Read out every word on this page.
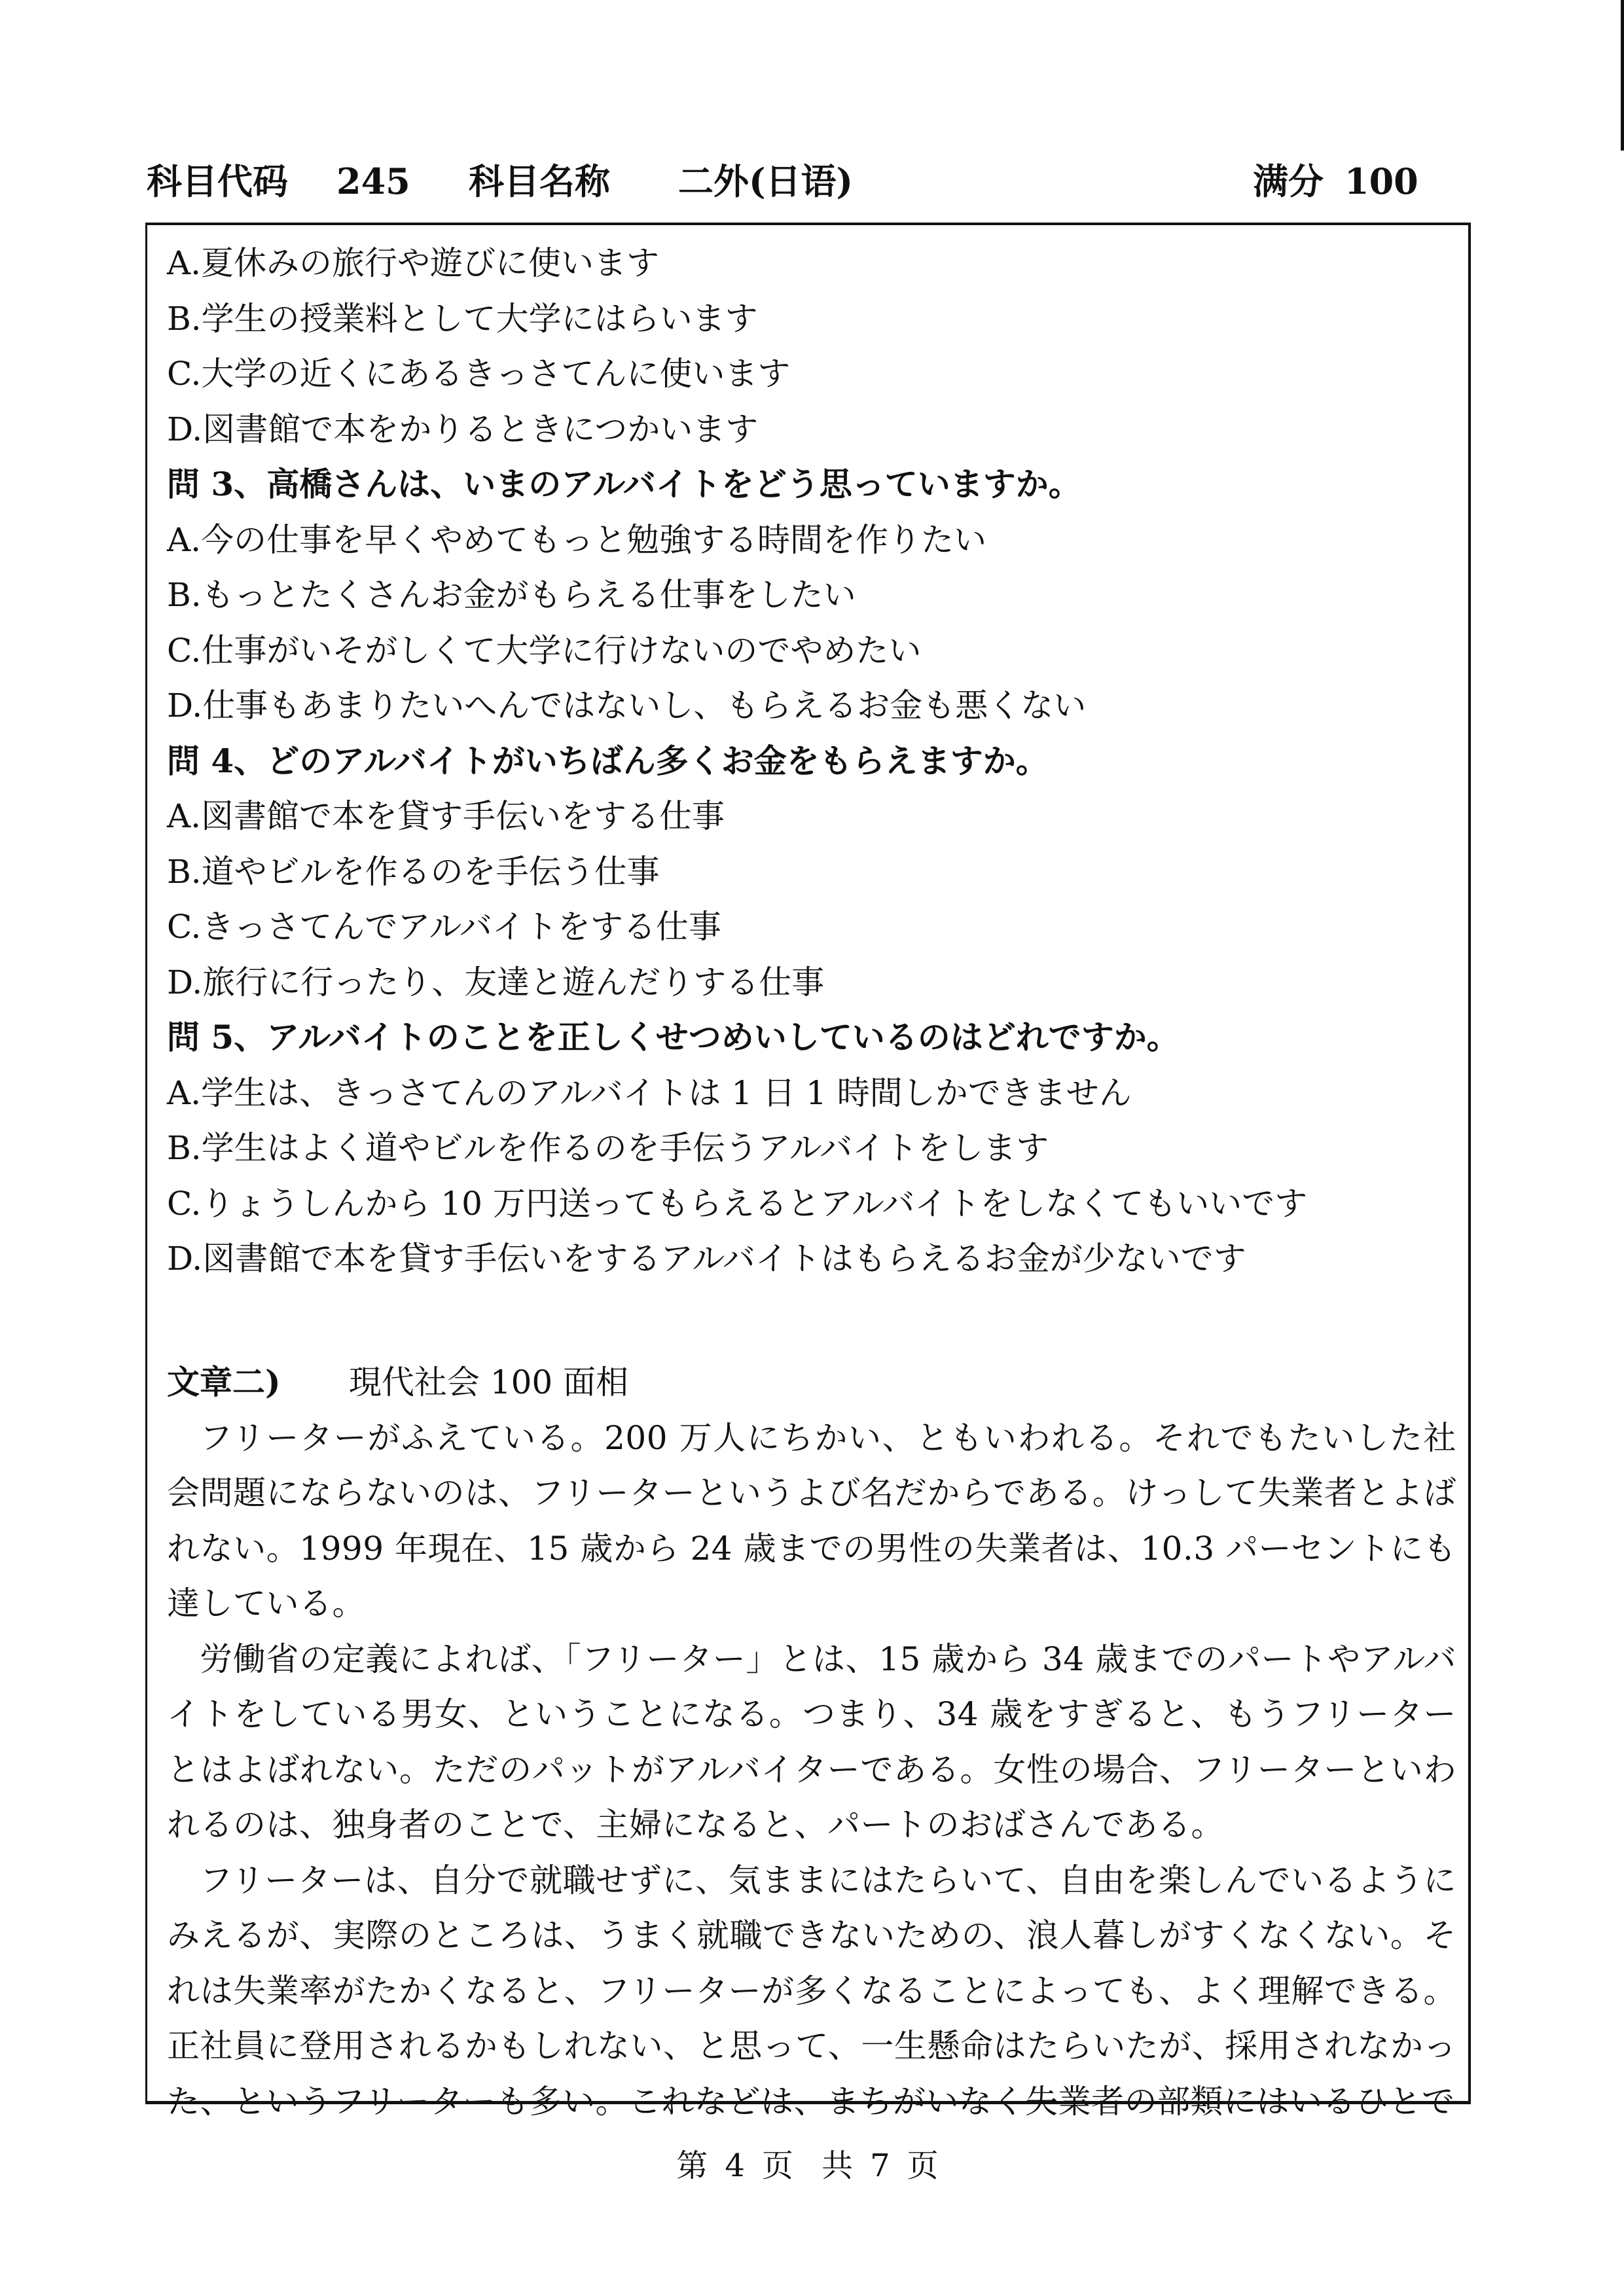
科目代码 245 科目名称 二外(日语)	满分 100
A.夏休みの旅行や遊びに使います
B.学生の授業料として大学にはらいます
C.大学の近くにあるきっさてんに使います
D.図書館で本をかりるときにつかいます
問 3、高橋さんは、いまのアルバイトをどう思っていますか。
A.今の仕事を早くやめてもっと勉強する時間を作りたい
B.もっとたくさんお金がもらえる仕事をしたい
C.仕事がいそがしくて大学に行けないのでやめたい
D.仕事もあまりたいへんではないし、もらえるお金も悪くない
問 4、どのアルバイトがいちばん多くお金をもらえますか。
A.図書館で本を貸す手伝いをする仕事
B.道やビルを作るのを手伝う仕事
C.きっさてんでアルバイトをする仕事
D.旅行に行ったり、友達と遊んだりする仕事
問 5、アルバイトのことを正しくせつめいしているのはどれですか。
A.学生は、きっさてんのアルバイトは 1 日 1 時間しかできません
B.学生はよく道やビルを作るのを手伝うアルバイトをします
C.りょうしんから 10 万円送ってもらえるとアルバイトをしなくてもいいです
D.図書館で本を貸す手伝いをするアルバイトはもらえるお金が少ないです
文章二) 現代社会 100 面相

フリーターがふえている。200 万人にちかい、ともいわれる。それでもたいした社会問題にならないのは、フリーターというよび名だからである。けっして失業者とよばれない。1999 年現在、15 歳から 24 歳までの男性の失業者は、10.3 パーセントにも達している。

労働省の定義によれば、「フリーター」とは、15 歳から 34 歳までのパートやアルバイトをしている男女、ということになる。つまり、34 歳をすぎると、もうフリーターとはよばれない。ただのパットがアルバイターである。女性の場合、フリーターといわれるのは、独身者のことで、主婦になると、パートのおばさんである。

フリーターは、自分で就職せずに、気ままにはたらいて、自由を楽しんでいるようにみえるが、実際のところは、うまく就職できないための、浪人暮しがすくなくない。それは失業率がたかくなると、フリーターが多くなることによっても、よく理解できる。正社員に登用されるかもしれない、と思って、一生懸命はたらいたが、採用されなかった、というフリーターも多い。これなどは、まちがいなく失業者の部類にはいるひとで

第 4 页 共 7 页
